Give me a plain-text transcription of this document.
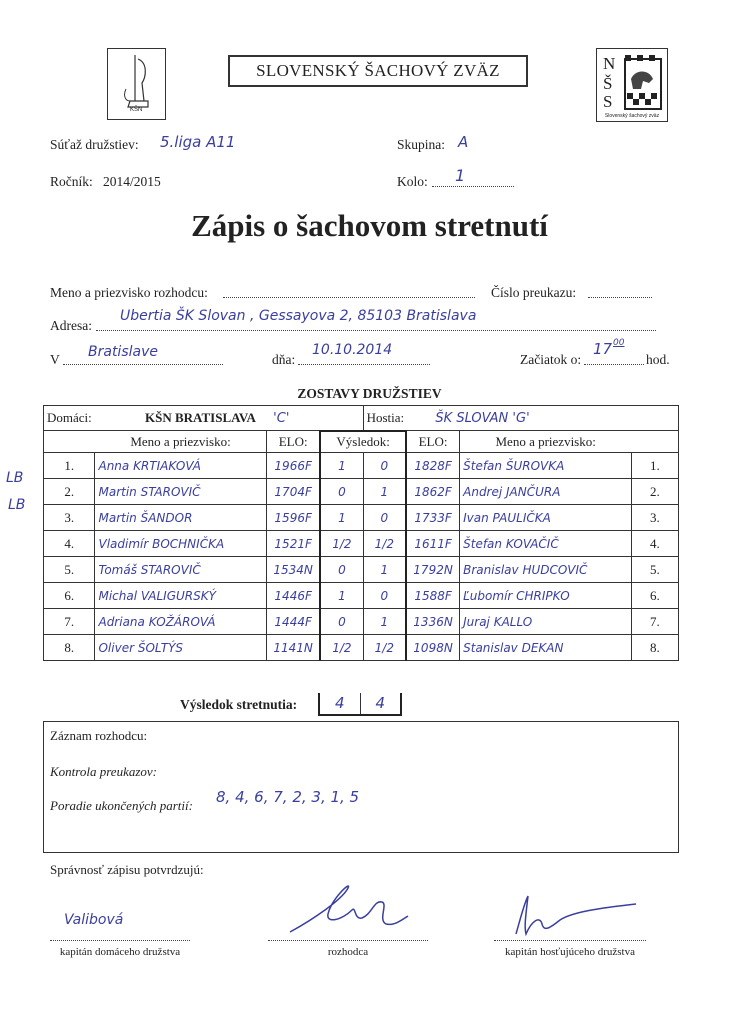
KŠN
SLOVENSKÝ ŠACHOVÝ ZVÄZ	N
Š
S
Slovenský šachový zväz
Súťaž družstiev: 5.liga A11	Skupina: A
Ročník: 2014/2015	Kolo: 1
Zápis o šachovom stretnutí
Meno a priezvisko rozhodcu:	Číslo preukazu:
Adresa:
Ubertia ŠK Slovan , Gessayova 2, 85103 Bratislava
V Bratislave	dňa:
10.10.2014
Začiatok o:
17 00
hod.
ZOSTAVY DRUŽSTIEV
LB
LB
Domáci: KŠN BRATISLAVA 'C'				Hostia: ŠK SLOVAN 'G'			
	Meno a priezvisko:	ELO:	Výsledok:		ELO:	Meno a priezvisko:	
1.	Anna KRTIAKOVÁ	1966F	1	0	1828F	Štefan ŠUROVKA	1.
2.	Martin STAROVIČ	1704F	0	1	1862F	Andrej JANČURA	2.
3.	Martin ŠANDOR	1596F	1	0	1733F	Ivan PAULIČKA	3.
4.	Vladimír BOCHNIČKA	1521F	1/2	1/2	1611F	Štefan KOVAČIČ	4.
5.	Tomáš STAROVIČ	1534N	0	1	1792N	Branislav HUDCOVIČ	5.
6.	Michal VALIGURSKÝ	1446F	1	0	1588F	Ľubomír CHRIPKO	6.
7.	Adriana KOŽÁROVÁ	1444F	0	1	1336N	Juraj KALLO	7.
8.	Oliver ŠOLTÝS	1141N	1/2	1/2	1098N	Stanislav DEKAN	8.
Výsledok stretnutia:	4	4
Záznam rozhodcu:
Kontrola preukazov:
Poradie ukončených partií: 8, 4, 6, 7, 2, 3, 1, 5
Správnosť zápisu potvrdzujú:
Valibová
kapitán domáceho družstva	rozhodca	kapitán hosťujúceho družstva
